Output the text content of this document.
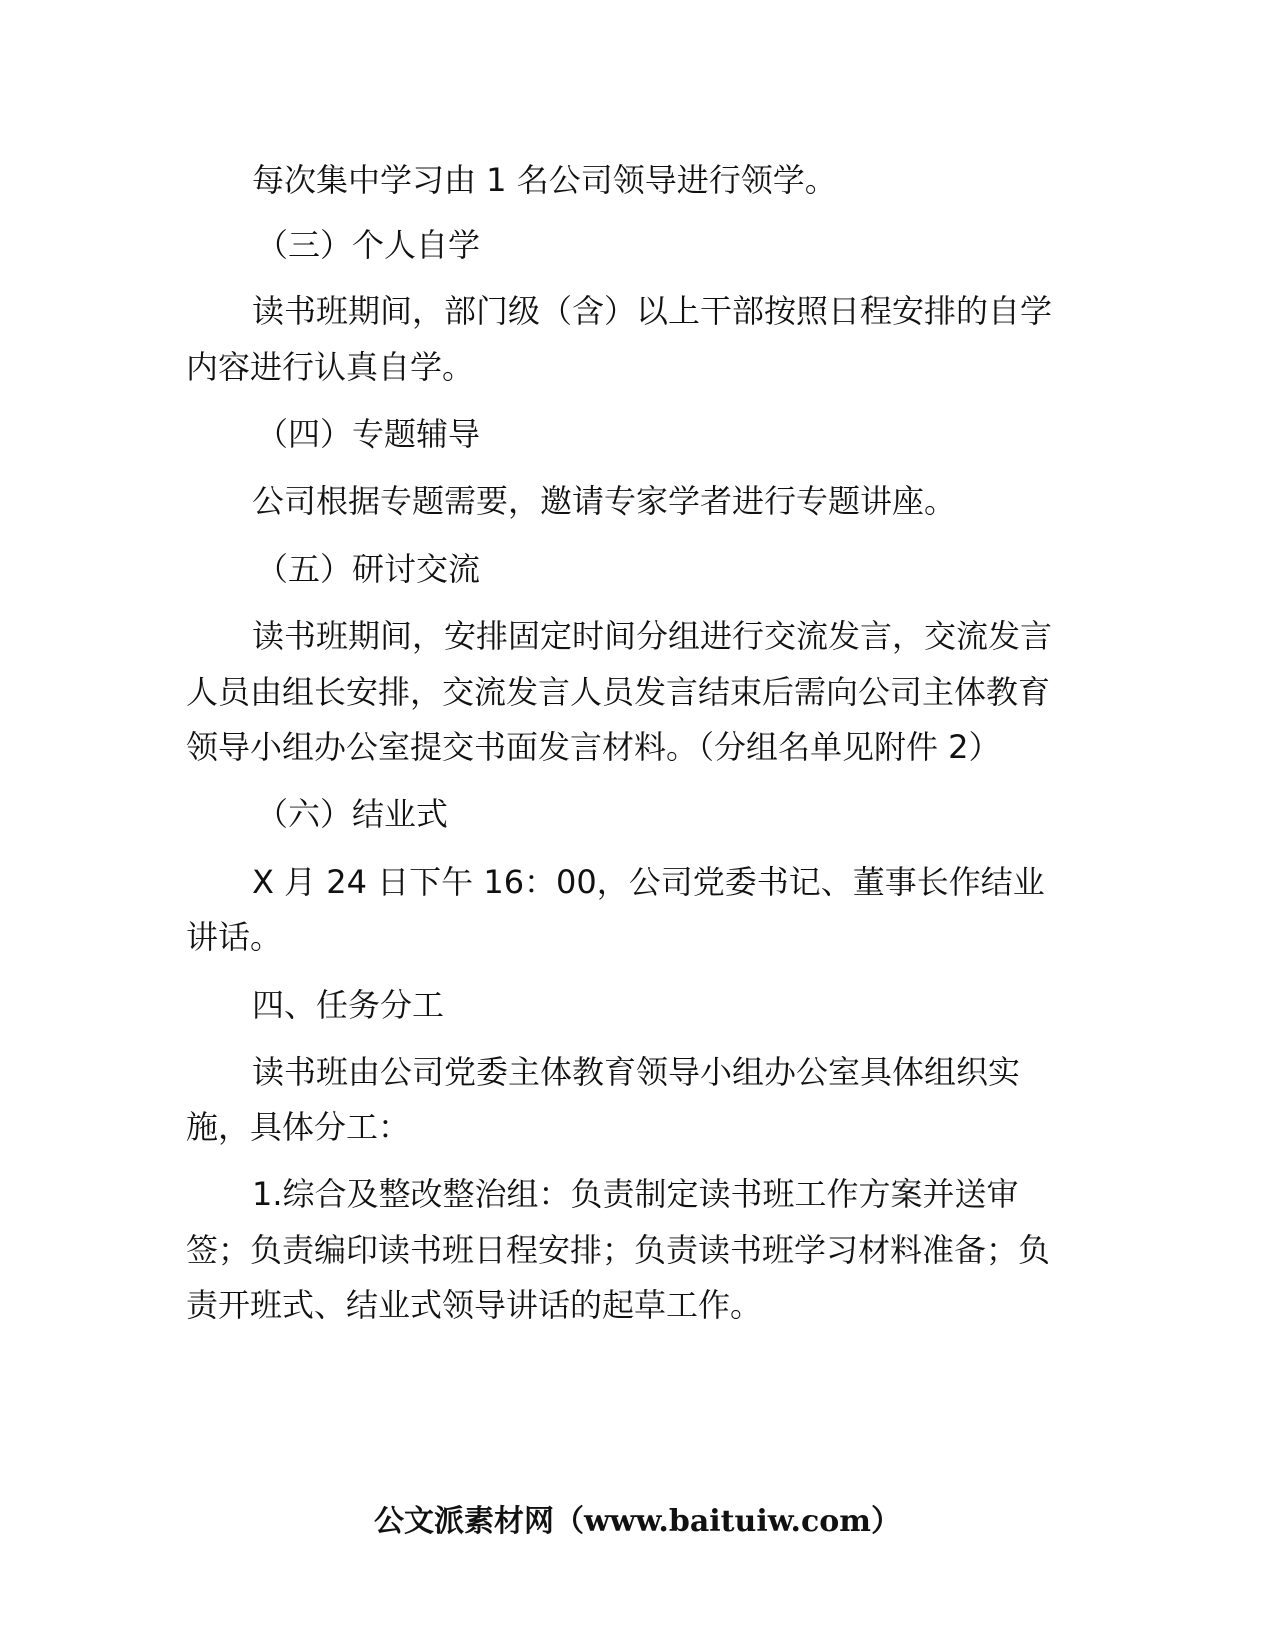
每次集中学习由 1 名公司领导进行领学。
（三）个人自学
读书班期间，部门级（含）以上干部按照日程安排的自学
内容进行认真自学。
（四）专题辅导
公司根据专题需要，邀请专家学者进行专题讲座。
（五）研讨交流
读书班期间，安排固定时间分组进行交流发言，交流发言
人员由组长安排，交流发言人员发言结束后需向公司主体教育
领导小组办公室提交书面发言材料。（分组名单见附件 2）
（六）结业式
X 月 24 日下午 16：00，公司党委书记、董事长作结业
讲话。
四、任务分工
读书班由公司党委主体教育领导小组办公室具体组织实
施，具体分工：
1.综合及整改整治组：负责制定读书班工作方案并送审
签；负责编印读书班日程安排；负责读书班学习材料准备；负
责开班式、结业式领导讲话的起草工作。
公文派素材网（www.baituiw.com）
